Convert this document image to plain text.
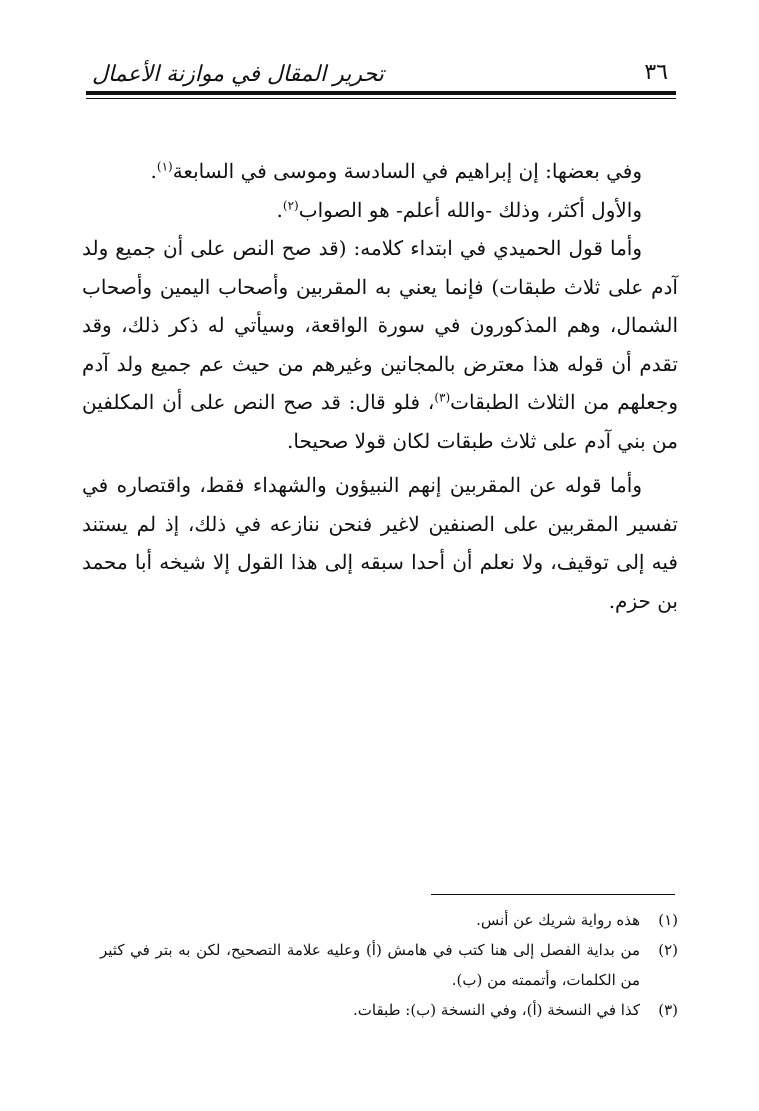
٣٦
تحرير المقال في موازنة الأعمال

وفي بعضها: إن إبراهيم في السادسة وموسى في السابعة$^{(١)}$.

والأول أكثر، وذلك -والله أعلم- هو الصواب$^{(٢)}$.

وأما قول الحميدي في ابتداء كلامه: (قد صح النص على أن جميع ولد آدم على ثلاث طبقات) فإنما يعني به المقربين وأصحاب اليمين وأصحاب الشمال، وهم المذكورون في سورة الواقعة، وسيأتي له ذكر ذلك، وقد تقدم أن قوله هذا معترض بالمجانين وغيرهم من حيث عم جميع ولد آدم وجعلهم من الثلاث الطبقات$^{(٣)}$، فلو قال: قد صح النص على أن المكلفين من بني آدم على ثلاث طبقات لكان قولا صحيحا.

وأما قوله عن المقربين إنهم النبيؤون والشهداء فقط، واقتصاره في تفسير المقربين على الصنفين لاغير فنحن ننازعه في ذلك، إذ لم يستند فيه إلى توقيف، ولا نعلم أن أحدا سبقه إلى هذا القول إلا شيخه أبا محمد بن حزم.

(١)
هذه رواية شريك عن أنس.

(٢)
من بداية الفصل إلى هنا كتب في هامش (أ) وعليه علامة التصحيح، لكن به بتر في كثير من الكلمات، وأتممته من (ب).

(٣)
كذا في النسخة (أ)، وفي النسخة (ب): طبقات.
